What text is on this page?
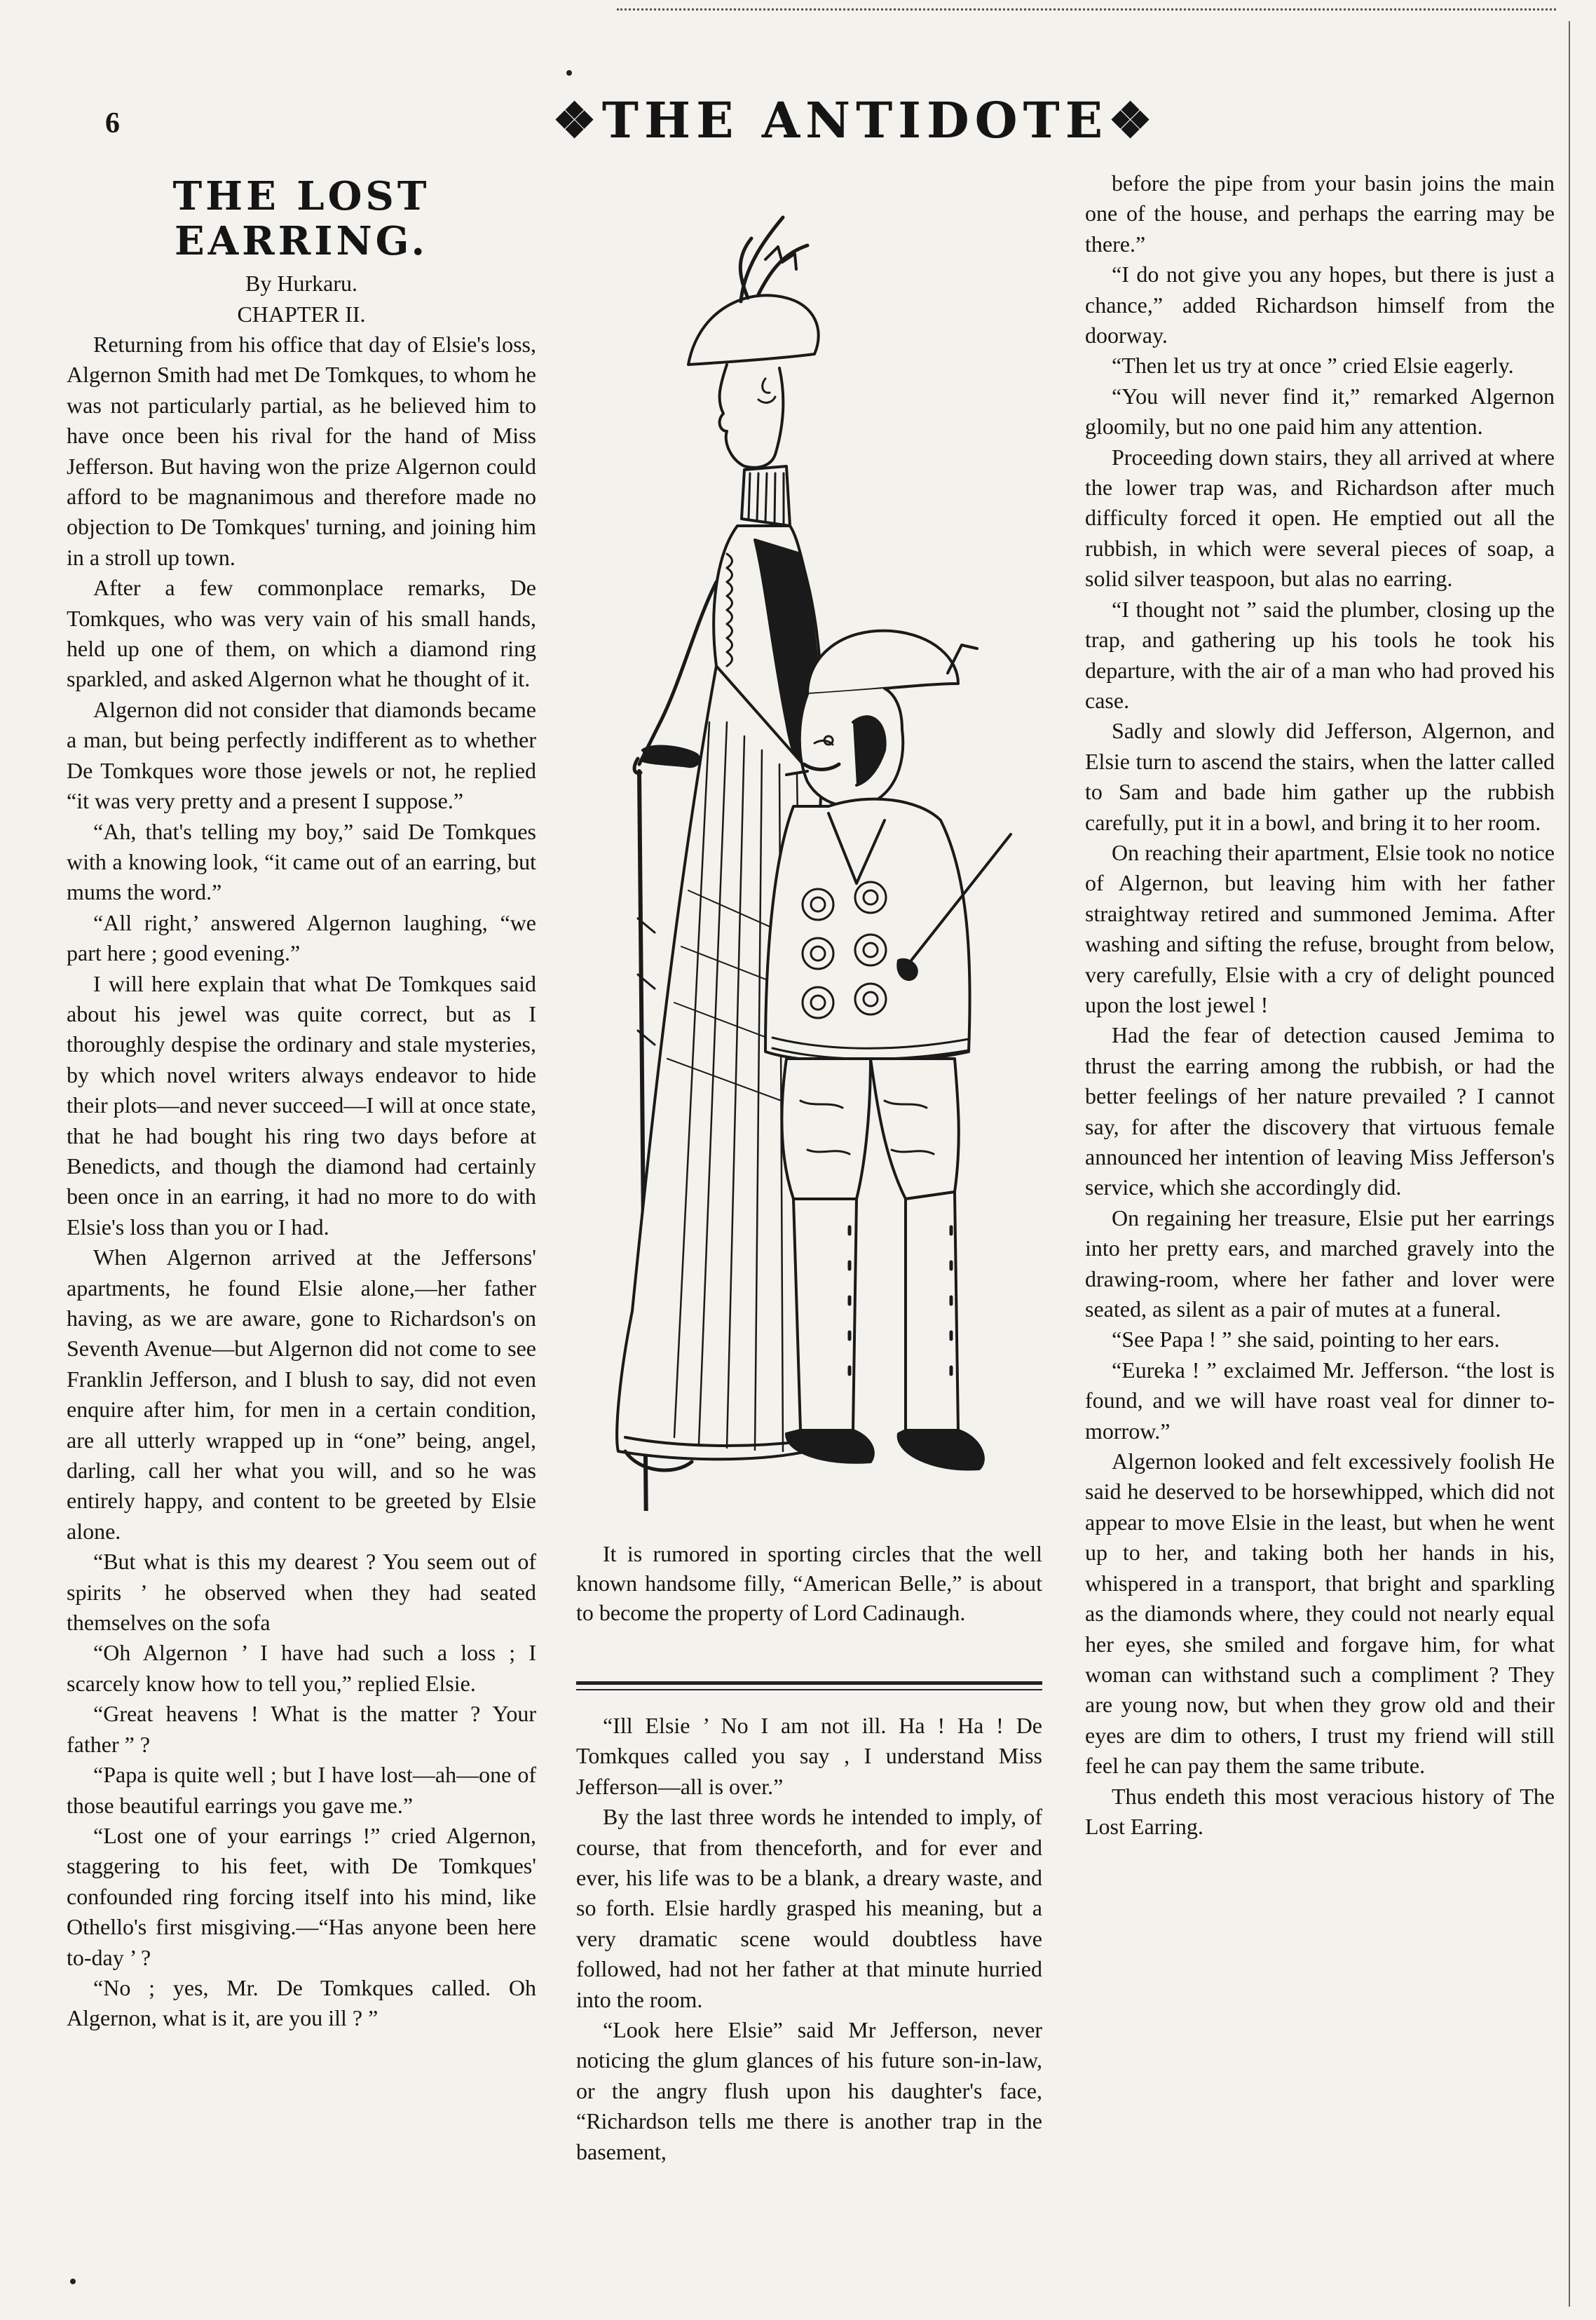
6	❖THE ANTIDOTE❖
THE LOST EARRING.
By Hurkaru.
CHAPTER II.

Returning from his office that day of Elsie's loss, Algernon Smith had met De Tomkques, to whom he was not particularly partial, as he believed him to have once been his rival for the hand of Miss Jefferson. But having won the prize Algernon could afford to be magnanimous and therefore made no objection to De Tomkques' turning, and joining him in a stroll up town.

After a few commonplace remarks, De Tomkques, who was very vain of his small hands, held up one of them, on which a diamond ring sparkled, and asked Algernon what he thought of it.

Algernon did not consider that diamonds became a man, but being perfectly indifferent as to whether De Tomkques wore those jewels or not, he replied “it was very pretty and a present I suppose.”

“Ah, that's telling my boy,” said De Tomkques with a knowing look, “it came out of an earring, but mums the word.”

“All right,’ answered Algernon laughing, “we part here ; good evening.”

I will here explain that what De Tomkques said about his jewel was quite correct, but as I thoroughly despise the ordinary and stale mysteries, by which novel writers always endeavor to hide their plots—and never succeed—I will at once state, that he had bought his ring two days before at Benedicts, and though the diamond had certainly been once in an earring, it had no more to do with Elsie's loss than you or I had.

When Algernon arrived at the Jeffersons' apartments, he found Elsie alone,—her father having, as we are aware, gone to Richardson's on Seventh Avenue—but Algernon did not come to see Franklin Jefferson, and I blush to say, did not even enquire after him, for men in a certain condition, are all utterly wrapped up in “one” being, angel, darling, call her what you will, and so he was entirely happy, and content to be greeted by Elsie alone.

“But what is this my dearest ? You seem out of spirits ’ he observed when they had seated themselves on the sofa

“Oh Algernon ’ I have had such a loss ; I scarcely know how to tell you,” replied Elsie.

“Great heavens ! What is the matter ? Your father ” ?

“Papa is quite well ; but I have lost—ah—one of those beautiful earrings you gave me.”

“Lost one of your earrings !” cried Algernon, staggering to his feet, with De Tomkques' confounded ring forcing itself into his mind, like Othello's first misgiving.—“Has anyone been here to-day ’ ?

“No ; yes, Mr. De Tomkques called. Oh Algernon, what is it, are you ill ? ”

It is rumored in sporting circles that the well known handsome filly, “American Belle,” is about to become the property of Lord Cadinaugh.

“Ill Elsie ’ No I am not ill. Ha ! Ha ! De Tomkques called you say , I understand Miss Jefferson—all is over.”

By the last three words he intended to imply, of course, that from thenceforth, and for ever and ever, his life was to be a blank, a dreary waste, and so forth. Elsie hardly grasped his meaning, but a very dramatic scene would doubtless have followed, had not her father at that minute hurried into the room.

“Look here Elsie” said Mr Jefferson, never noticing the glum glances of his future son-in-law, or the angry flush upon his daughter's face, “Richardson tells me there is another trap in the basement,

before the pipe from your basin joins the main one of the house, and perhaps the earring may be there.”

“I do not give you any hopes, but there is just a chance,” added Richardson himself from the doorway.

“Then let us try at once ” cried Elsie eagerly.

“You will never find it,” remarked Algernon gloomily, but no one paid him any attention.

Proceeding down stairs, they all arrived at where the lower trap was, and Richardson after much difficulty forced it open. He emptied out all the rubbish, in which were several pieces of soap, a solid silver teaspoon, but alas no earring.

“I thought not ” said the plumber, closing up the trap, and gathering up his tools he took his departure, with the air of a man who had proved his case.

Sadly and slowly did Jefferson, Algernon, and Elsie turn to ascend the stairs, when the latter called to Sam and bade him gather up the rubbish carefully, put it in a bowl, and bring it to her room.

On reaching their apartment, Elsie took no notice of Algernon, but leaving him with her father straightway retired and summoned Jemima. After washing and sifting the refuse, brought from below, very carefully, Elsie with a cry of delight pounced upon the lost jewel !

Had the fear of detection caused Jemima to thrust the earring among the rubbish, or had the better feelings of her nature prevailed ? I cannot say, for after the discovery that virtuous female announced her intention of leaving Miss Jefferson's service, which she accordingly did.

On regaining her treasure, Elsie put her earrings into her pretty ears, and marched gravely into the drawing-room, where her father and lover were seated, as silent as a pair of mutes at a funeral.

“See Papa ! ” she said, pointing to her ears.

“Eureka ! ” exclaimed Mr. Jefferson. “the lost is found, and we will have roast veal for dinner to-morrow.”

Algernon looked and felt excessively foolish He said he deserved to be horsewhipped, which did not appear to move Elsie in the least, but when he went up to her, and taking both her hands in his, whispered in a transport, that bright and sparkling as the diamonds where, they could not nearly equal her eyes, she smiled and forgave him, for what woman can withstand such a compliment ? They are young now, but when they grow old and their eyes are dim to others, I trust my friend will still feel he can pay them the same tribute.

Thus endeth this most veracious history of The Lost Earring.
